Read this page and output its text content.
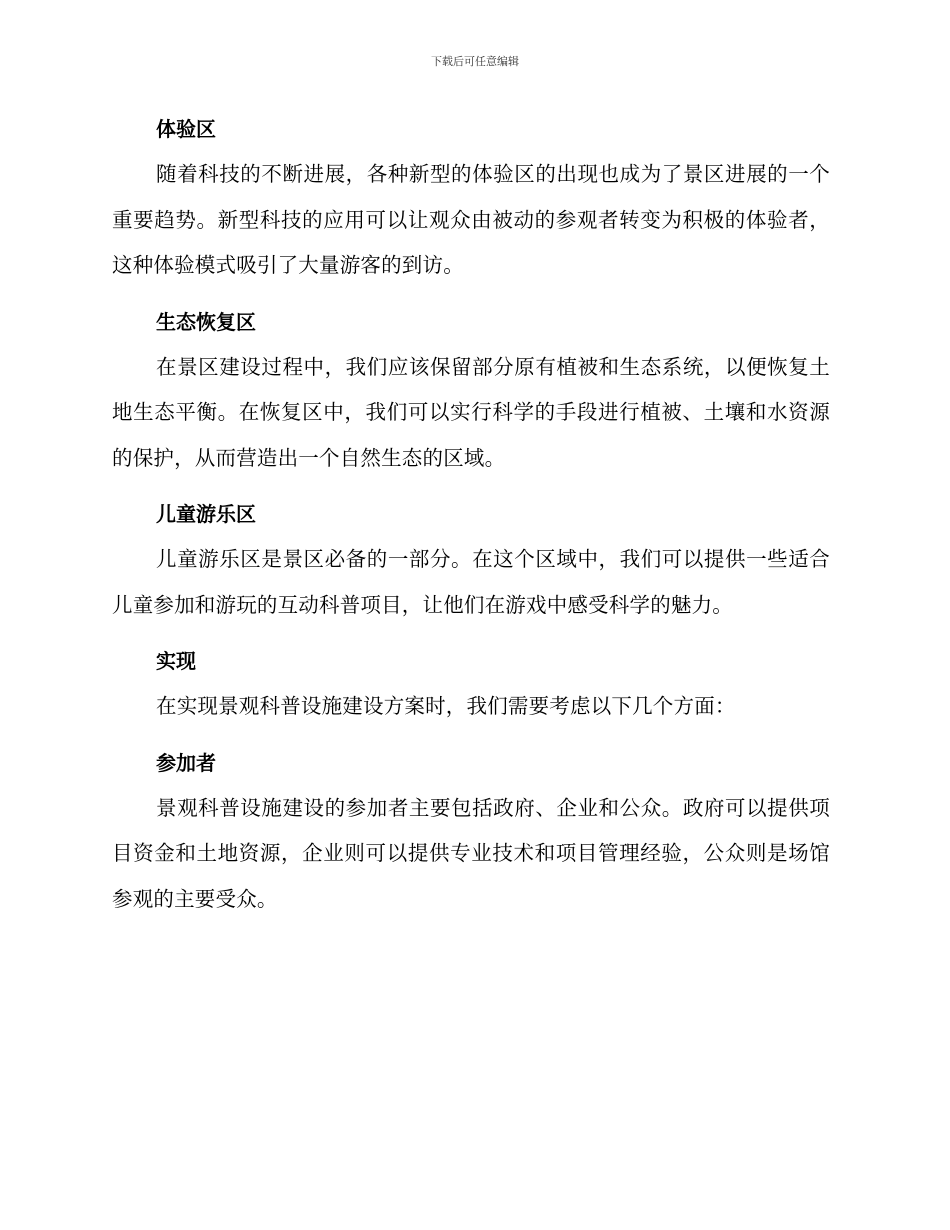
下载后可任意编辑
体验区

随着科技的不断进展，各种新型的体验区的出现也成为了景区进展的一个重要趋势。新型科技的应用可以让观众由被动的参观者转变为积极的体验者，这种体验模式吸引了大量游客的到访。

生态恢复区

在景区建设过程中，我们应该保留部分原有植被和生态系统，以便恢复土地生态平衡。在恢复区中，我们可以实行科学的手段进行植被、土壤和水资源的保护，从而营造出一个自然生态的区域。

儿童游乐区

儿童游乐区是景区必备的一部分。在这个区域中，我们可以提供一些适合儿童参加和游玩的互动科普项目，让他们在游戏中感受科学的魅力。

实现

在实现景观科普设施建设方案时，我们需要考虑以下几个方面：

参加者

景观科普设施建设的参加者主要包括政府、企业和公众。政府可以提供项目资金和土地资源，企业则可以提供专业技术和项目管理经验，公众则是场馆参观的主要受众。
